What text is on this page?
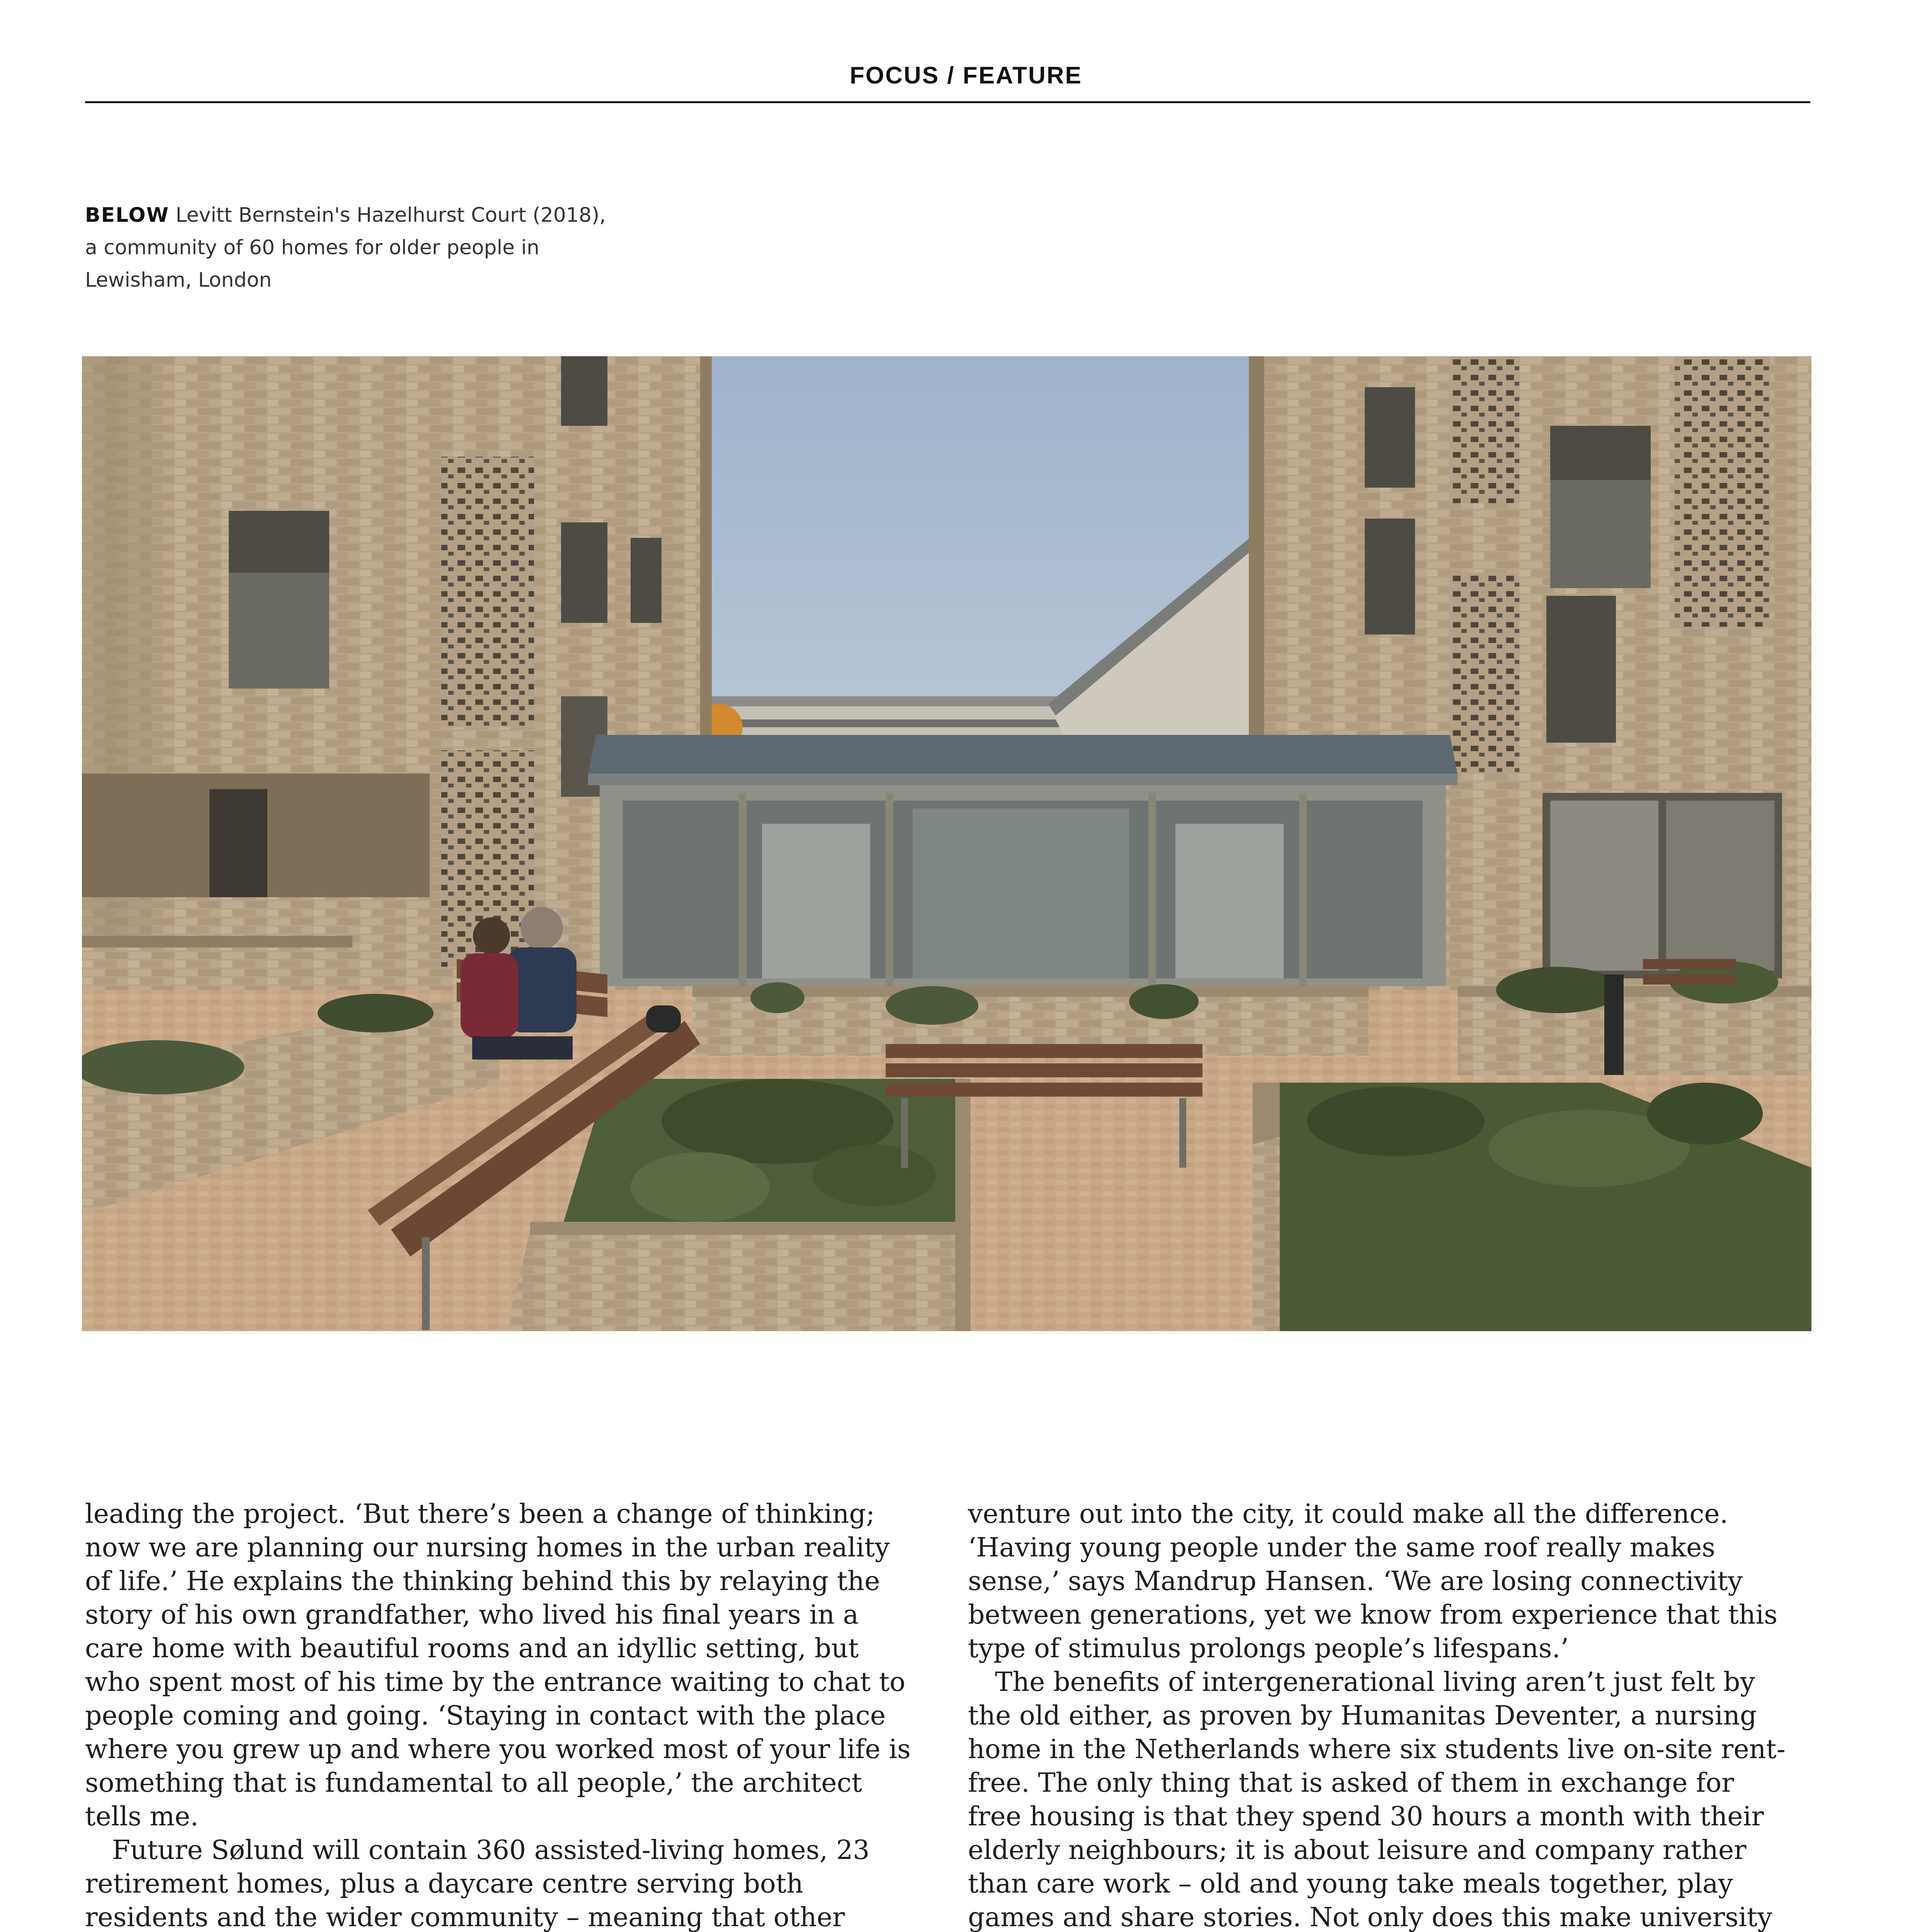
FOCUS / FEATURE
BELOW Levitt Bernstein's Hazelhurst Court (2018), a community of 60 homes for older people in Lewisham, London

leading the project. ‘But there’s been a change of thinking; now we are planning our nursing homes in the urban reality of life.’ He explains the thinking behind this by relaying the story of his own grandfather, who lived his final years in a care home with beautiful rooms and an idyllic setting, but who spent most of his time by the entrance waiting to chat to people coming and going. ‘Staying in contact with the place where you grew up and where you worked most of your life is something that is fundamental to all people,’ the architect tells me.

Future Sølund will contain 360 assisted-living homes, 23 retirement homes, plus a daycare centre serving both residents and the wider community – meaning that other

venture out into the city, it could make all the difference. ‘Having young people under the same roof really makes sense,’ says Mandrup Hansen. ‘We are losing connectivity between generations, yet we know from experience that this type of stimulus prolongs people’s lifespans.’

The benefits of intergenerational living aren’t just felt by the old either, as proven by Humanitas Deventer, a nursing home in the Netherlands where six students live on-site rent-free. The only thing that is asked of them in exchange for free housing is that they spend 30 hours a month with their elderly neighbours; it is about leisure and company rather than care work – old and young take meals together, play games and share stories. Not only does this make university
